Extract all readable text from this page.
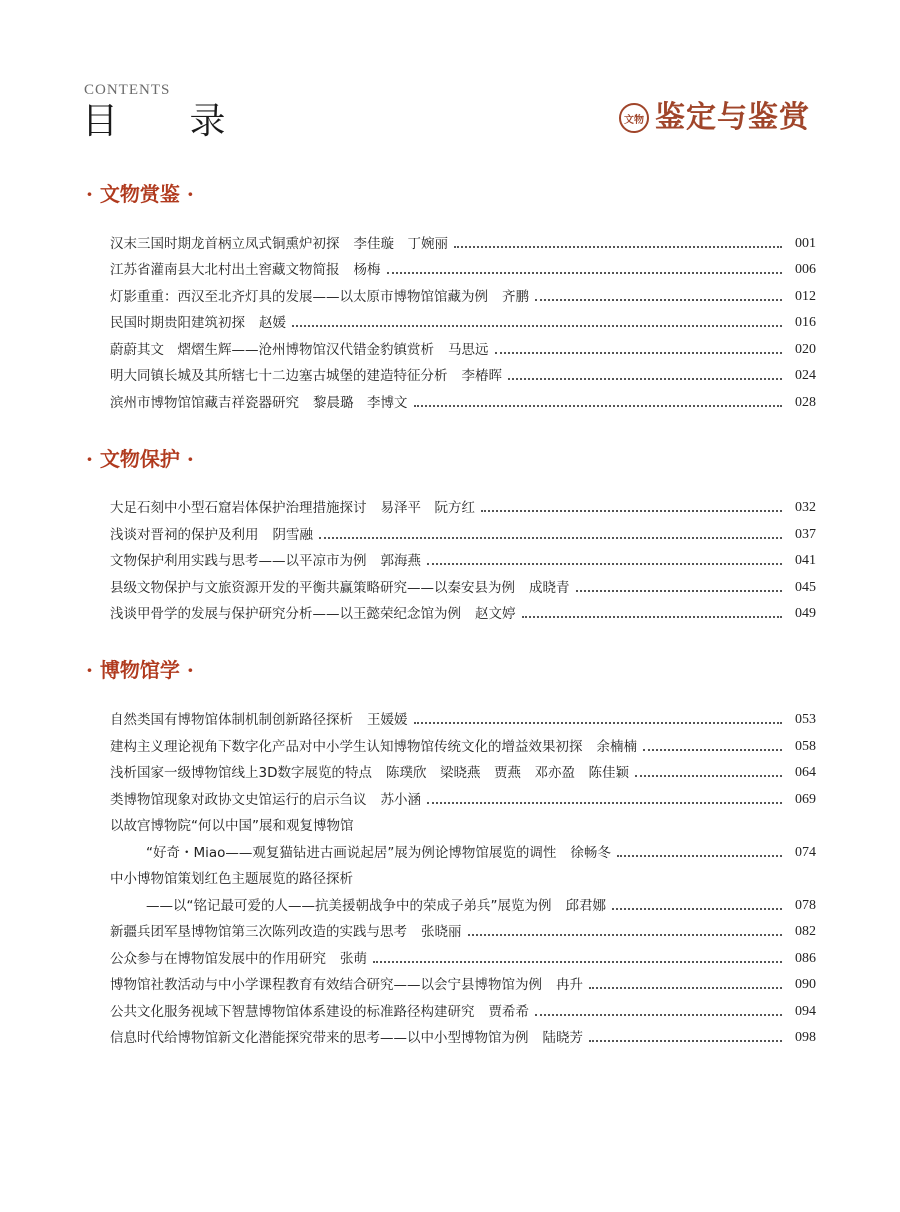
CONTENTS
目 录	文物 鉴定与鉴赏
· 文物赏鉴 ·
汉末三国时期龙首柄立凤式铜熏炉初探 李佳璇　丁婉丽	001
江苏省灌南县大北村出土窖藏文物简报 杨梅	006
灯影重重：西汉至北齐灯具的发展——以太原市博物馆馆藏为例 齐鹏	012
民国时期贵阳建筑初探 赵媛	016
蔚蔚其文　熠熠生辉——沧州博物馆汉代错金豹镇赏析 马思远	020
明大同镇长城及其所辖七十二边塞古城堡的建造特征分析 李椿晖	024
滨州市博物馆馆藏吉祥瓷器研究 黎晨璐　李博文	028
· 文物保护 ·
大足石刻中小型石窟岩体保护治理措施探讨 易泽平　阮方红	032
浅谈对晋祠的保护及利用 阴雪融	037
文物保护利用实践与思考——以平凉市为例 郭海燕	041
县级文物保护与文旅资源开发的平衡共赢策略研究——以秦安县为例 成晓青	045
浅谈甲骨学的发展与保护研究分析——以王懿荣纪念馆为例 赵文婷	049
· 博物馆学 ·
自然类国有博物馆体制机制创新路径探析 王媛媛	053
建构主义理论视角下数字化产品对中小学生认知博物馆传统文化的增益效果初探 余楠楠	058
浅析国家一级博物馆线上3D数字展览的特点 陈璞欣　梁晓燕　贾燕　邓亦盈　陈佳颖	064
类博物馆现象对政协文史馆运行的启示刍议 苏小涵	069
以故宫博物院“何以中国”展和观复博物馆
“好奇・Miao——观复猫钻进古画说起居”展为例论博物馆展览的调性 徐畅冬	074
中小博物馆策划红色主题展览的路径探析
——以“铭记最可爱的人——抗美援朝战争中的荣成子弟兵”展览为例 邱君娜	078
新疆兵团军垦博物馆第三次陈列改造的实践与思考 张晓丽	082
公众参与在博物馆发展中的作用研究 张萌	086
博物馆社教活动与中小学课程教育有效结合研究——以会宁县博物馆为例 冉升	090
公共文化服务视域下智慧博物馆体系建设的标准路径构建研究 贾希希	094
信息时代给博物馆新文化潜能探究带来的思考——以中小型博物馆为例 陆晓芳	098
